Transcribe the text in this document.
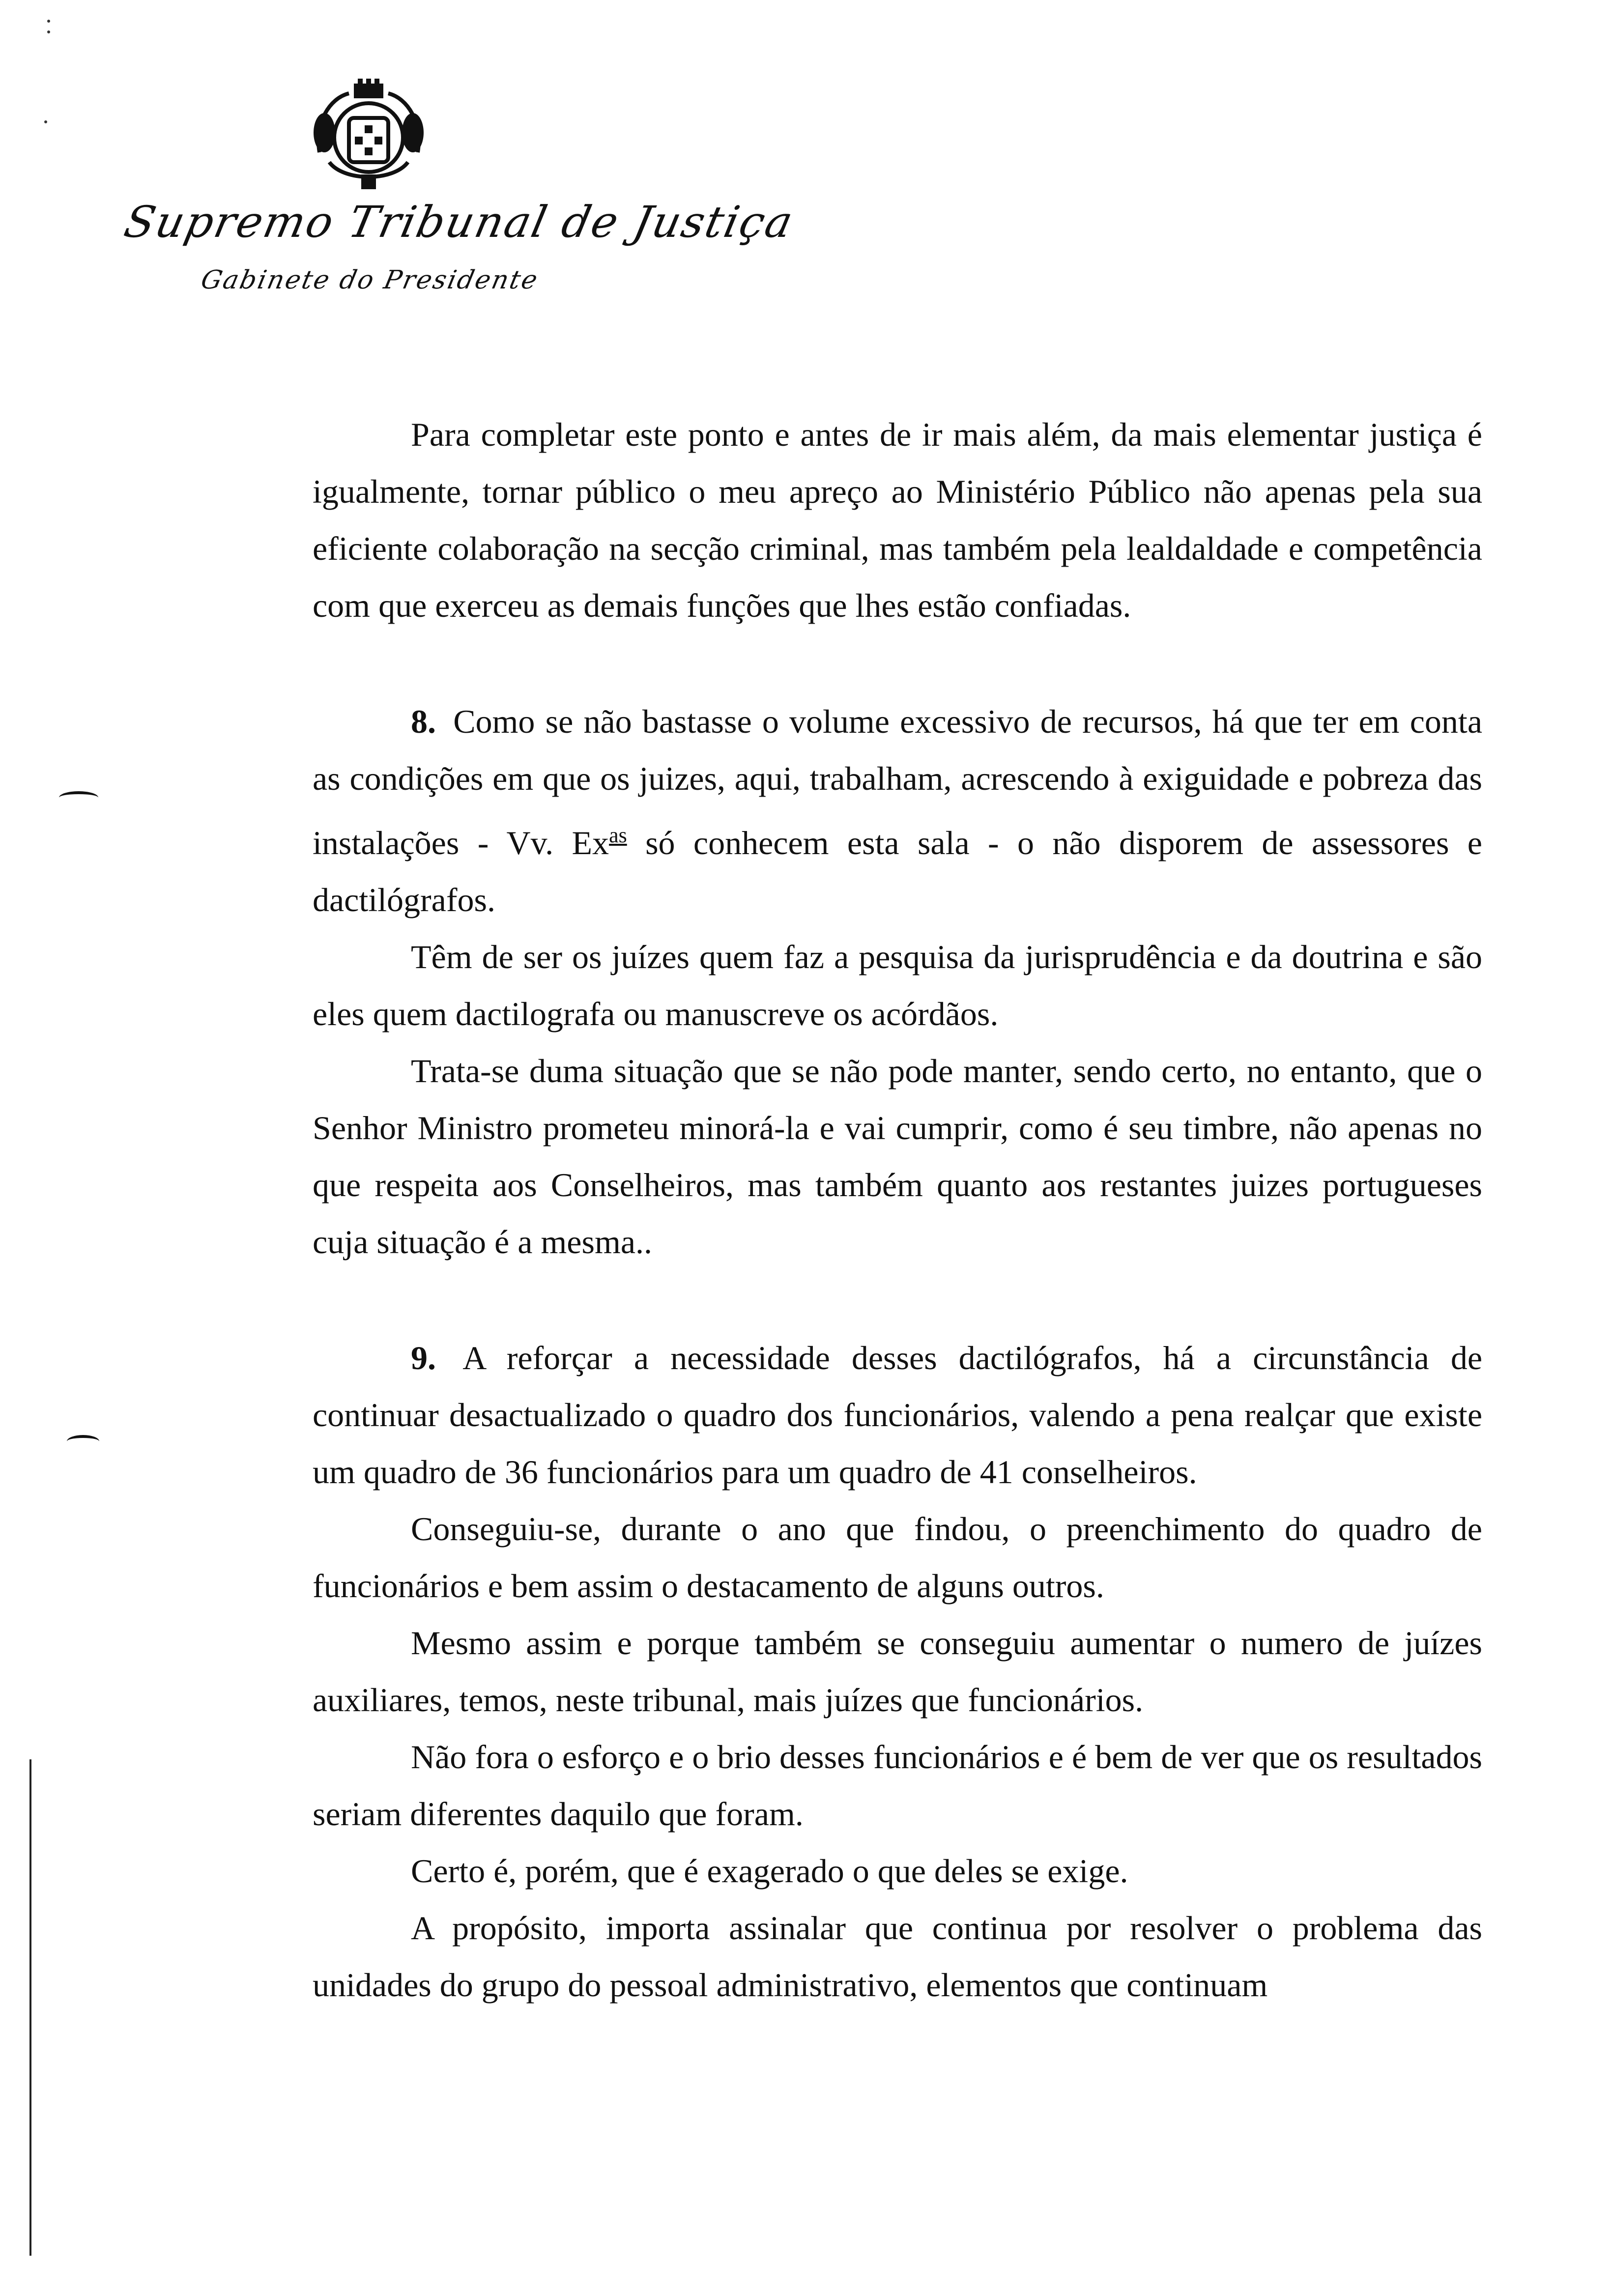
Supremo Tribunal de Justiça
Gabinete do Presidente

Para completar este ponto e antes de ir mais além, da mais elementar justiça é igualmente, tornar público o meu apreço ao Ministério Público não apenas pela sua eficiente colaboração na secção criminal, mas também pela lealdaldade e competência com que exerceu as demais funções que lhes estão confiadas.

8. Como se não bastasse o volume excessivo de recursos, há que ter em conta as condições em que os juizes, aqui, trabalham, acrescendo à exiguidade e pobreza das instalações - Vv. $Ex^{as}$ só conhecem esta sala - o não disporem de assessores e dactilógrafos.

Têm de ser os juízes quem faz a pesquisa da jurisprudência e da doutrina e são eles quem dactilografa ou manuscreve os acórdãos.

Trata-se duma situação que se não pode manter, sendo certo, no entanto, que o Senhor Ministro prometeu minorá-la e vai cumprir, como é seu timbre, não apenas no que respeita aos Conselheiros, mas também quanto aos restantes juizes portugueses cuja situação é a mesma..

9. A reforçar a necessidade desses dactilógrafos, há a circunstância de continuar desactualizado o quadro dos funcionários, valendo a pena realçar que existe um quadro de 36 funcionários para um quadro de 41 conselheiros.

Conseguiu-se, durante o ano que findou, o preenchimento do quadro de funcionários e bem assim o destacamento de alguns outros.

Mesmo assim e porque também se conseguiu aumentar o numero de juízes auxiliares, temos, neste tribunal, mais juízes que funcionários.

Não fora o esforço e o brio desses funcionários e é bem de ver que os resultados seriam diferentes daquilo que foram.

Certo é, porém, que é exagerado o que deles se exige.

A propósito, importa assinalar que continua por resolver o problema das unidades do grupo do pessoal administrativo, elementos que continuam
